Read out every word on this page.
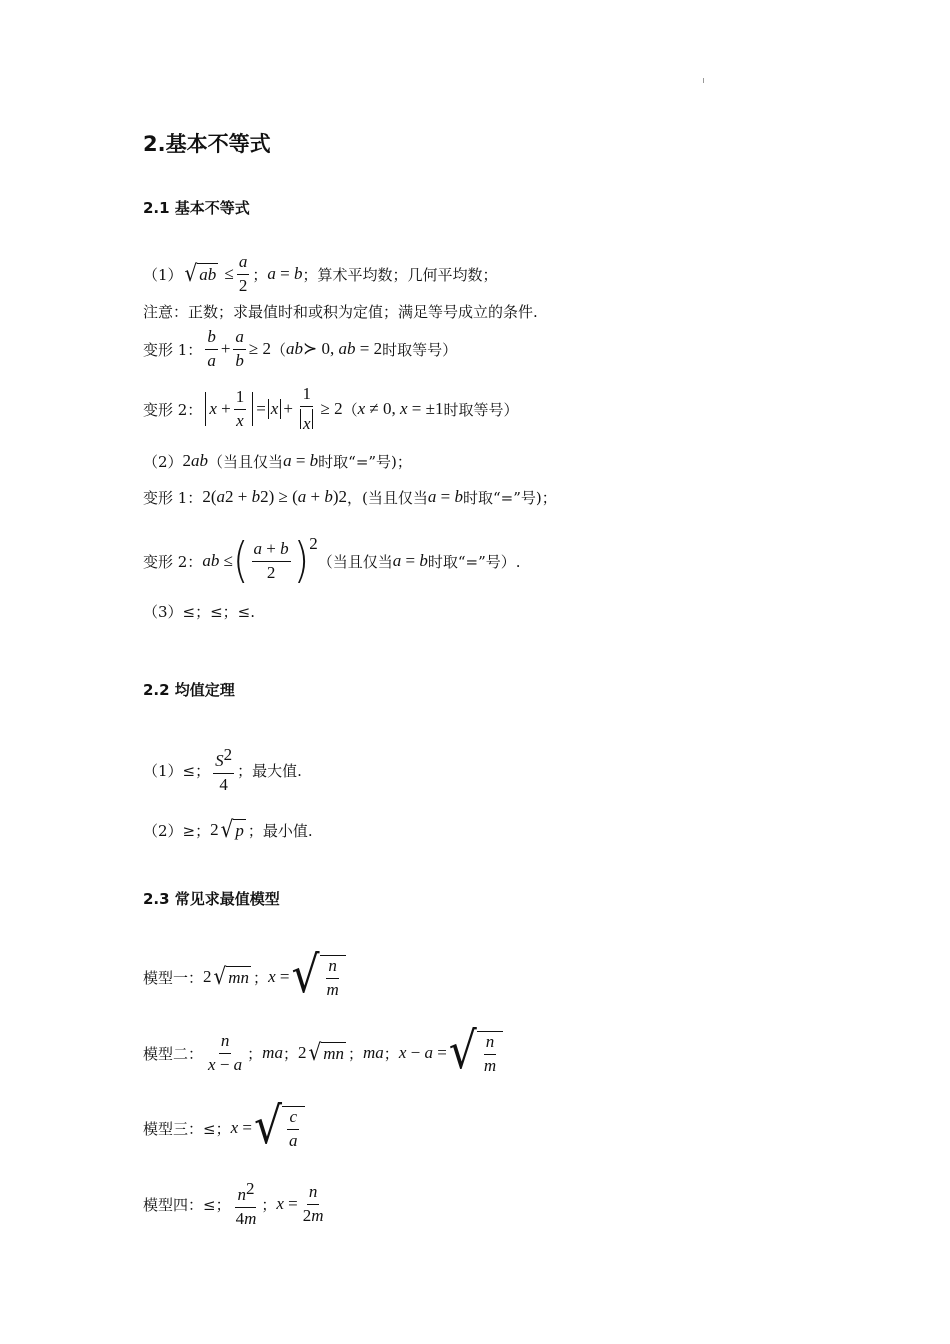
2.基本不等式
2.1 基本不等式
（1） √ ab ≤ $\frac{a}{2}$ ； a = b ；算术平均数；几何平均数；
注意：正数；求最值时和或积为定值；满足等号成立的条件.
变形 1： $\frac{b}{a} + \frac{a}{b} \ge 2$ （ ab ≻ 0, ab = 2 时取等号）
变形 2： $x + \frac{1}{x} = x + \frac{1}{x} \ge 2$ （ x ≠ 0, x = ±1 时取等号）
（2） 2 ab （当且仅当 a = b 时取“=”号)；
变形 1： 2( a 2 + b 2 ) ≥ ( a + b ) 2 ，(当且仅当 a = b 时取“=”号)；
变形 2： ab ≤ ( $\frac{a + b}{2}$ ) 2
（当且仅当 a = b 时取“=”号）.
（3）≤；≤；≤.
2.2 均值定理
（1）≤； $\frac{S^2}{4}$ ；最大值.
（2）≥； 2 √ p ；最小值.
2.3 常见求最值模型
模型一： 2 √ mn ； x = √ $\frac{n}{m}$
模型二： $\frac{n}{x - a}$ ； ma ； 2 √ mn ； ma ； x − a = √ $\frac{n}{m}$
模型三：≤； x = √ $\frac{c}{a}$
模型四：≤； $\frac{n^2}{4m}$ ； $x = \frac{n}{2m}$
